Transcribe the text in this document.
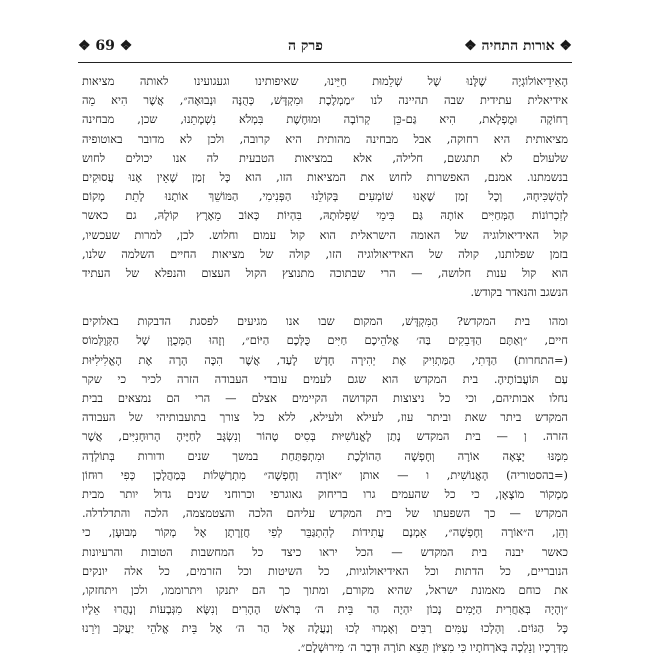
❖ אורות התחיה ❖
פרק ה
❖ 69 ❖

הָאִידֵיאוֹלוֹגְיָה שֶׁלָּנוּ שֶׁל שְׁלֵמוּת חַיֵּינוּ, שאיפותינו וגעגועינו לאותה מציאות
אידיאלית עתידית שבה תהיינה לנו ״מַמְלֶכֶת וּמִקְדָּשׁ, כְּהֻנָּה וּנְבוּאָה״, אֲשֶׁר הִיא מֵה
רְחוֹקָה וּמֻפְלָאת, הִיא גַּם-כֵּן קְרוֹבָה וּמוּחֶשֶׁת בִּמְלֹא נִשְׁמָתֵנוּ, שכן, מבחינה
מציאותית היא רחוקה, אבל מבחינה מהותית היא קרובה, ולכן לא מדובר באוטופיה
שלעולם לא תתגשם, חלילה, אלא במציאות הטבעית לה אנו יכולים לחוש
בנשמתנו. אמנם, האפשרות לחוש את המציאות הזו, הוא כָּל זְמַן שֶׁאֵין אָנוּ עֲסוּקִים
לְהַשְׁכִּיחָהּ, וְכָל זְמַן שֶׁאָנוּ שׁוֹמְעִים בְּקוֹלֵנוּ הַפְּנִימִי, הַמּוֹשֵׁךְ אוֹתָנוּ לָתֵת מָקוֹם
לְזִכְרוֹנוֹת הַמְּחַיִּים אוֹתָהּ גַּם בִּימֵי שִׁפְלוּתָהּ, בִּהְיוֹת כְּאוֹב מֵאֶרֶץ קוֹלָהּ, גם כאשר
קול האידיאולוגיה של האומה הישראלית הוא קול עמום וחלוש. לכן, למרות שעכשיו,
בזמן שפלותנו, קולה של האידיאולוגיה הזו, קולה של מציאות החיים השלמה שלנו,
הוא קול ענות חלושה, — הרי שבתוכה מתנוצץ הקול העצום והנפלא של העתיד
הנשגב והנאדר בקודש.

ומהו בית המקדש? הַמִּקְדָּשׁ, המקום שבו אנו מגיעים לפסגת הדבקות באלוקים
חיים, ״וְאַתֶּם הַדְּבֵקִים בַּה׳ אֱלֹהֵיכֶם חַיִּים כֻּלְּכֶם הַיּוֹם״, וְזֶהוּ הַמְּכֻוָּן שֶׁל הַקְּוֻלְּמוֹס
(=התחרות) הַדָּתִי, הַמַּתְוִיק אֶת יְהִירָה חָדָשׁ לָעַד, אֲשֶׁר הִכָּה הָרָה אֶת הָאֱלִילִיּוּת
עַם תּוֹעֲבוֹתֶיהָ. בית המקדש הוא שגם לעמים עובדי העבודה הזרה לכיר כי שקר
נחלו אבותיהם, וכי כל ניצוצות הקדושה הקיימים אצלם — הרי הם נמצאים בבית
המקדש ביתר שאת וביתר עוז, לעילא ולעילא, ללא כל צורך בתועבותיהי של העבודה
הזרה. ן — בית המקדש נָתַן לָאֱנוֹשִׁיּוּת בְּסִיס טָהוֹר וְנִשְׂגָּב לְחַיֶּיהָ הָרוּחָנִיִּים, אֲשֶׁר
מִמֶּנּוּ יָצְאָה אוֹרָה וְחָפְשָׁה הַהוֹלֶכֶת וּמִתְפַּתַּחַת במשך שנים ודורות בְּתוֹלְדָה
(=בהסטוריה) הָאֱנוֹשִׁית, ו — אותן ״אוֹרָה וְחָפְשָׁה״ מִתְרַשְּׁלוֹת בְּמַהֲלָכָן כְּפִי רוּחוֹן
מַמְקוֹר מוֹצָאָן, כי כל שהעמים גרו בריחוק גאוגרפי וכרוחני שנים גדול יותר מבית
המקדש — כך השפעתו של בית המקדש עליהם הלכה והצטמצמה, הלכה והתדלדלה.
וְהֵן, ה״אוֹרָה וְחָפְשָׁה״, אֵמְנָם עֲתִידוֹת לְהִתְגַּבֵּר לְפִי חֲזָרָתָן אֶל מְקוֹר מְבוּעָן, כי
כאשר יבנה בית המקדש — הכל יראו כיצד כל המחשבות הטובות והרעיונות
הנובריים, כל הדתות וכל האידיאולוגיות, כל השיטות וכל הזרמים, כל אלה יונקים
את כוחם מאמונת ישראל, שהיא מקורם, ומתוך כך הם יתנקו ויתרוממו, ולכן ויתחזקו,
״וְהָיָה בְּאַחֲרִית הַיָּמִים נָכוֹן יִהְיֶה הַר בֵּית ה׳ בְּרֹאשׁ הֶהָרִים וְנִשָּׂא מִגְּבָעוֹת וְנָהֲרוּ אֵלָיו
כָּל הַגּוֹיִם. וְהָלְכוּ עַמִּים רַבִּים וְאָמְרוּ לְכוּ וְנַעֲלֶה אֶל הַר ה׳ אֶל בֵּית אֱלֹהֵי יַעֲקֹב וְיֹרֵנוּ
מִדְּרָכָיו וְנֵלְכָה בְּאֹרְחֹתָיו כִּי מִצִּיּוֹן תֵּצֵא תוֹרָה וּדְבַר ה׳ מִירוּשָׁלָם״.
